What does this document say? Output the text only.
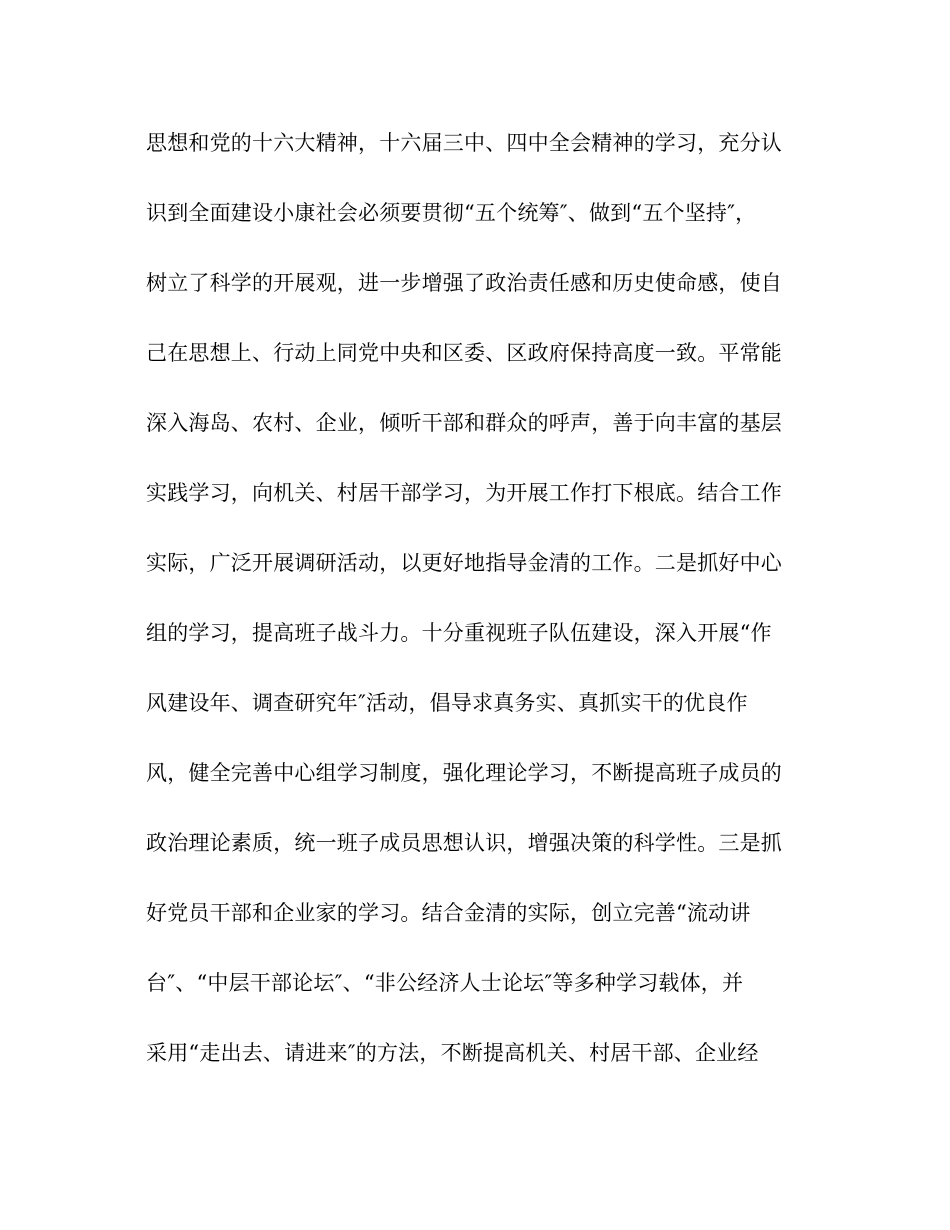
思想和党的十六大精神，十六届三中、四中全会精神的学习，充分认
识到全面建设小康社会必须要贯彻“五个统筹″、做到“五个坚持″，
树立了科学的开展观，进一步增强了政治责任感和历史使命感，使自
己在思想上、行动上同党中央和区委、区政府保持高度一致。平常能
深入海岛、农村、企业，倾听干部和群众的呼声，善于向丰富的基层
实践学习，向机关、村居干部学习，为开展工作打下根底。结合工作
实际，广泛开展调研活动，以更好地指导金清的工作。二是抓好中心
组的学习，提高班子战斗力。十分重视班子队伍建设，深入开展“作
风建设年、调查研究年″活动，倡导求真务实、真抓实干的优良作
风，健全完善中心组学习制度，强化理论学习，不断提高班子成员的
政治理论素质，统一班子成员思想认识，增强决策的科学性。三是抓
好党员干部和企业家的学习。结合金清的实际，创立完善“流动讲
台″、“中层干部论坛″、“非公经济人士论坛″等多种学习载体，并
采用“走出去、请进来″的方法，不断提高机关、村居干部、企业经
